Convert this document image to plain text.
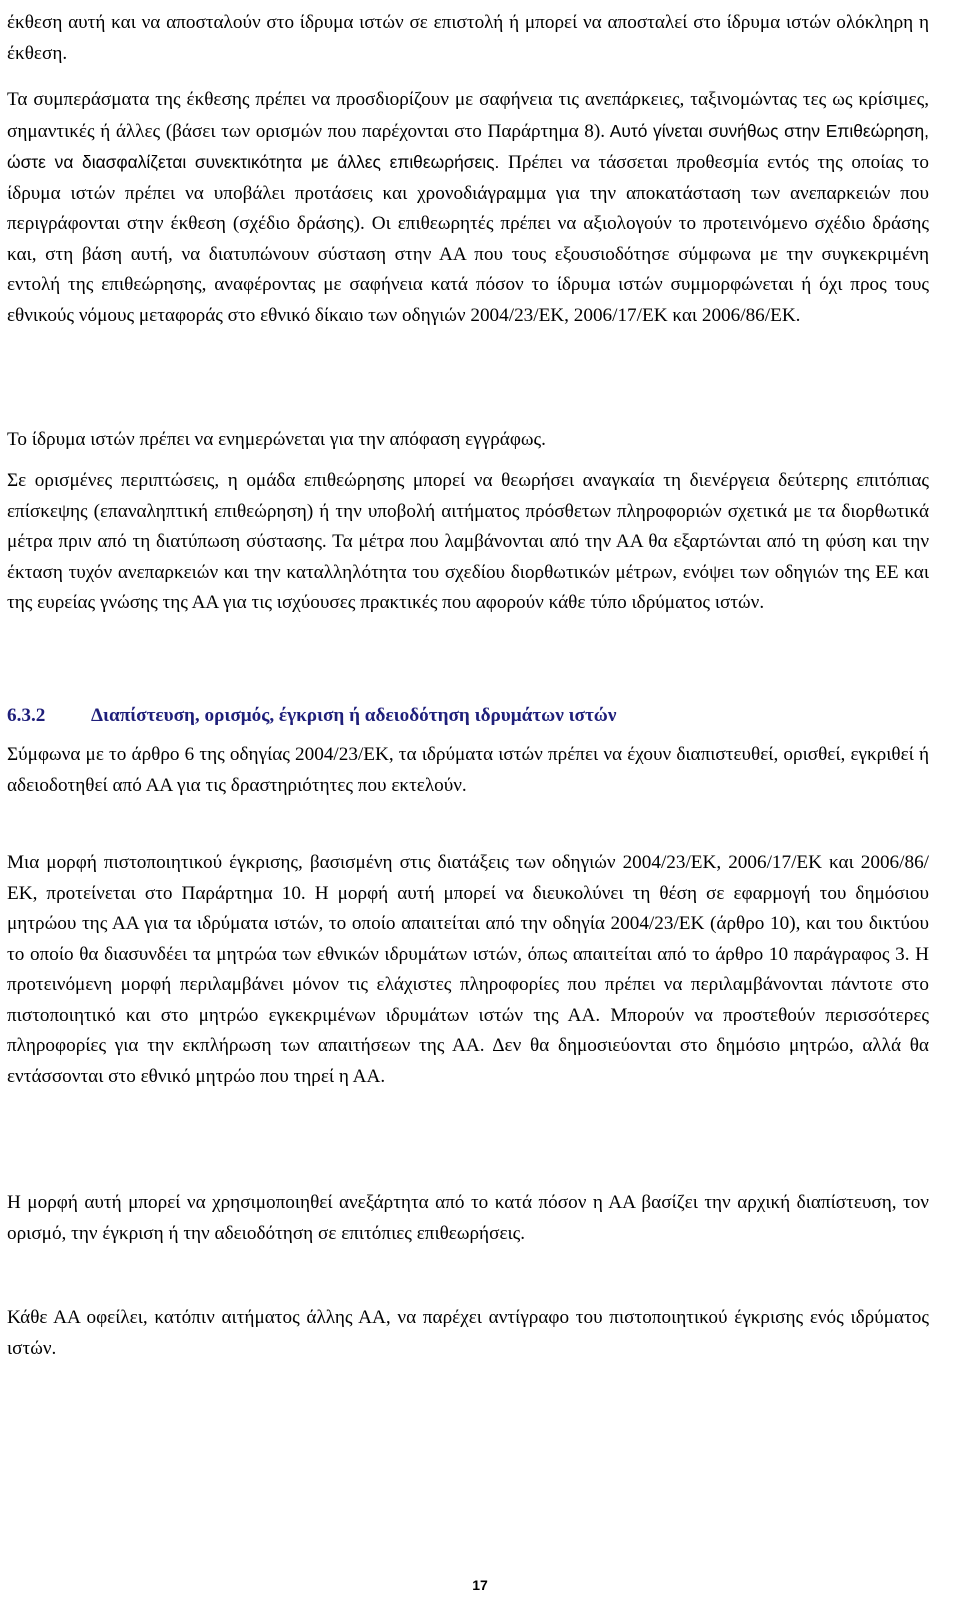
έκθεση αυτή και να αποσταλούν στο ίδρυμα ιστών σε επιστολή ή μπορεί να αποσταλεί στο ίδρυμα ιστών ολόκληρη η έκθεση.

Τα συμπεράσματα της έκθεσης πρέπει να προσδιορίζουν με σαφήνεια τις ανεπάρκειες, ταξινομώντας τες ως κρίσιμες, σημαντικές ή άλλες (βάσει των ορισμών που παρέχονται στο Παράρτημα 8). Αυτό γίνεται συνήθως στην Επιθεώρηση, ώστε να διασφαλίζεται συνεκτικότητα με άλλες επιθεωρήσεις. Πρέπει να τάσσεται προθεσμία εντός της οποίας το ίδρυμα ιστών πρέπει να υποβάλει προτάσεις και χρονοδιάγραμμα για την αποκατάσταση των ανεπαρκειών που περιγράφονται στην έκθεση (σχέδιο δράσης). Οι επιθεωρητές πρέπει να αξιολογούν το προτεινόμενο σχέδιο δράσης και, στη βάση αυτή, να διατυπώνουν σύσταση στην ΑΑ που τους εξουσιοδότησε σύμφωνα με την συγκεκριμένη εντολή της επιθεώρησης, αναφέροντας με σαφήνεια κατά πόσον το ίδρυμα ιστών συμμορφώνεται ή όχι προς τους εθνικούς νόμους μεταφοράς στο εθνικό δίκαιο των οδηγιών 2004/23/ΕΚ, 2006/17/ΕΚ και 2006/86/ΕΚ.

Το ίδρυμα ιστών πρέπει να ενημερώνεται για την απόφαση εγγράφως.

Σε ορισμένες περιπτώσεις, η ομάδα επιθεώρησης μπορεί να θεωρήσει αναγκαία τη διενέργεια δεύτερης επιτόπιας επίσκεψης (επαναληπτική επιθεώρηση) ή την υποβολή αιτήματος πρόσθετων πληροφοριών σχετικά με τα διορθωτικά μέτρα πριν από τη διατύπωση σύστασης. Τα μέτρα που λαμβάνονται από την ΑΑ θα εξαρτώνται από τη φύση και την έκταση τυχόν ανεπαρκειών και την καταλληλότητα του σχεδίου διορθωτικών μέτρων, ενόψει των οδηγιών της ΕΕ και της ευρείας γνώσης της ΑΑ για τις ισχύουσες πρακτικές που αφορούν κάθε τύπο ιδρύματος ιστών.

6.3.2 Διαπίστευση, ορισμός, έγκριση ή αδειοδότηση ιδρυμάτων ιστών

Σύμφωνα με το άρθρο 6 της οδηγίας 2004/23/ΕΚ, τα ιδρύματα ιστών πρέπει να έχουν διαπιστευθεί, ορισθεί, εγκριθεί ή αδειοδοτηθεί από ΑΑ για τις δραστηριότητες που εκτελούν.

Μια μορφή πιστοποιητικού έγκρισης, βασισμένη στις διατάξεις των οδηγιών 2004/23/ΕΚ, 2006/17/ΕΚ και 2006/86/ΕΚ, προτείνεται στο Παράρτημα 10. Η μορφή αυτή μπορεί να διευκολύνει τη θέση σε εφαρμογή του δημόσιου μητρώου της ΑΑ για τα ιδρύματα ιστών, το οποίο απαιτείται από την οδηγία 2004/23/ΕΚ (άρθρο 10), και του δικτύου το οποίο θα διασυνδέει τα μητρώα των εθνικών ιδρυμάτων ιστών, όπως απαιτείται από το άρθρο 10 παράγραφος 3. Η προτεινόμενη μορφή περιλαμβάνει μόνον τις ελάχιστες πληροφορίες που πρέπει να περιλαμβάνονται πάντοτε στο πιστοποιητικό και στο μητρώο εγκεκριμένων ιδρυμάτων ιστών της ΑΑ. Μπορούν να προστεθούν περισσότερες πληροφορίες για την εκπλήρωση των απαιτήσεων της ΑΑ. Δεν θα δημοσιεύονται στο δημόσιο μητρώο, αλλά θα εντάσσονται στο εθνικό μητρώο που τηρεί η ΑΑ.

Η μορφή αυτή μπορεί να χρησιμοποιηθεί ανεξάρτητα από το κατά πόσον η ΑΑ βασίζει την αρχική διαπίστευση, τον ορισμό, την έγκριση ή την αδειοδότηση σε επιτόπιες επιθεωρήσεις.

Κάθε ΑΑ οφείλει, κατόπιν αιτήματος άλλης ΑΑ, να παρέχει αντίγραφο του πιστοποιητικού έγκρισης ενός ιδρύματος ιστών.

17
